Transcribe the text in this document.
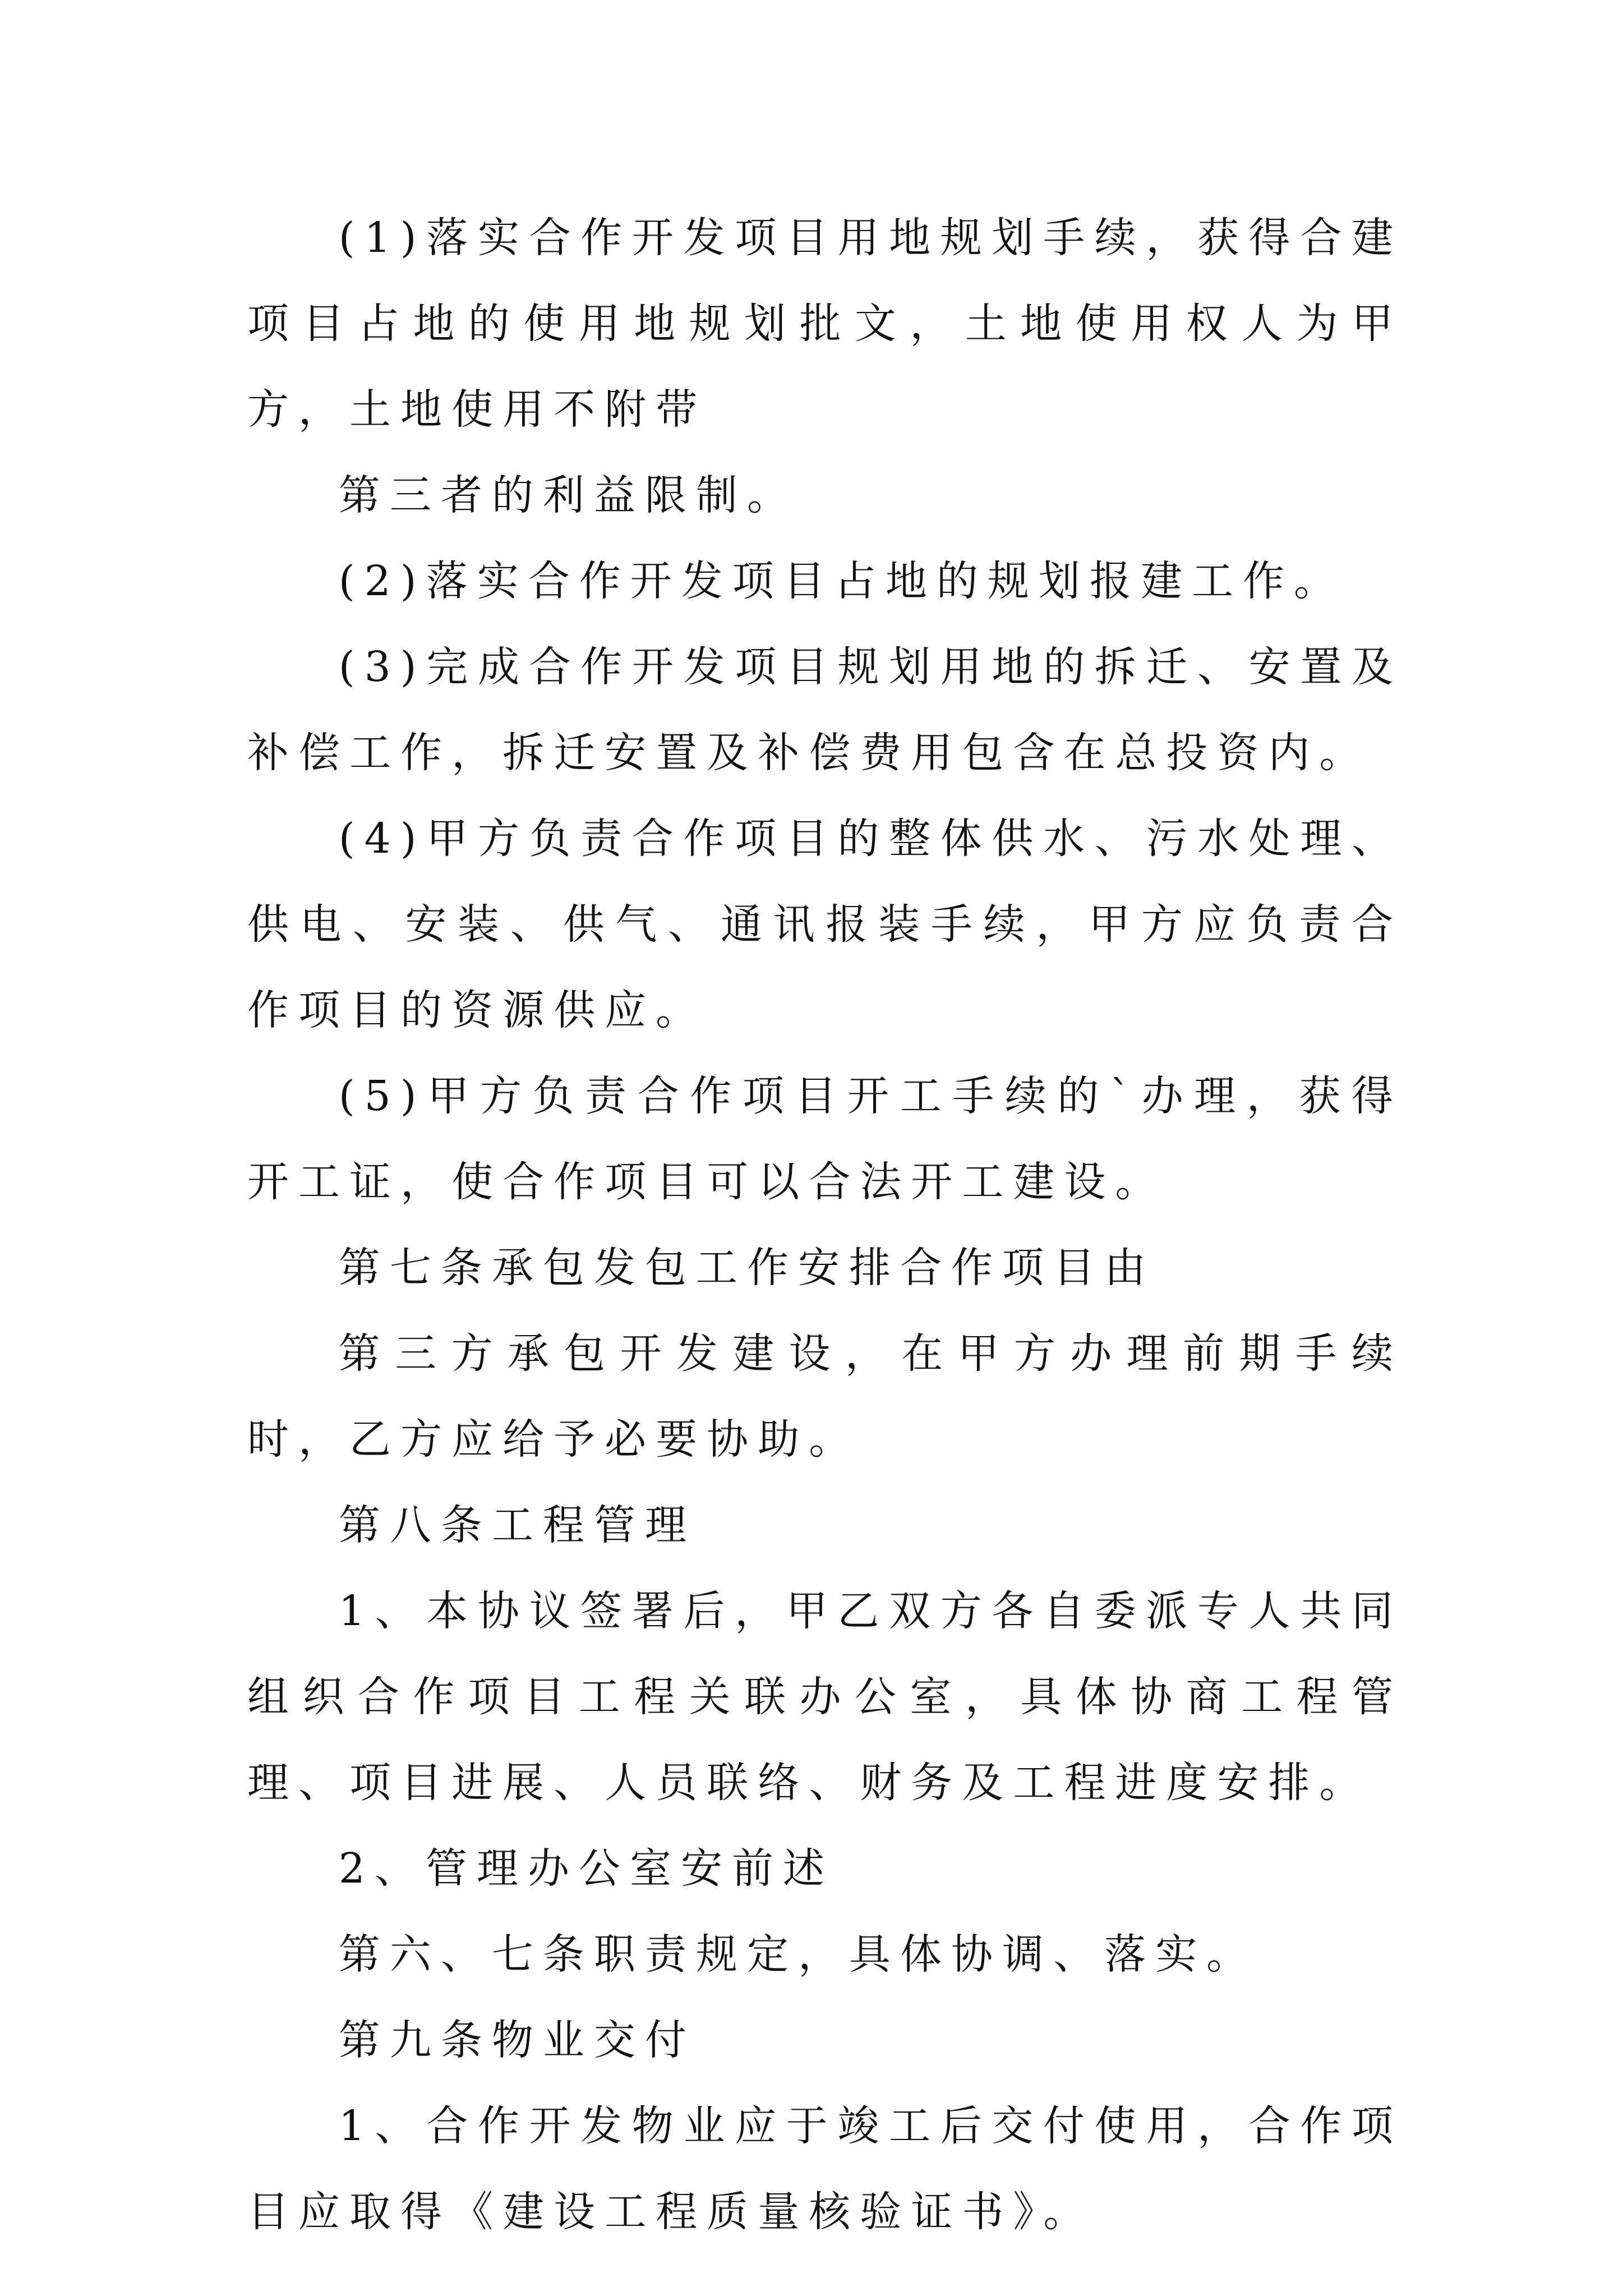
(1)落实合作开发项目用地规划手续，获得合建项目占地的使用地规划批文，土地使用权人为甲方，土地使用不附带

第三者的利益限制。

(2)落实合作开发项目占地的规划报建工作。

(3)完成合作开发项目规划用地的拆迁、安置及补偿工作，拆迁安置及补偿费用包含在总投资内。

(4)甲方负责合作项目的整体供水、污水处理、供电、安装、供气、通讯报装手续，甲方应负责合作项目的资源供应。

(5)甲方负责合作项目开工手续的`办理，获得开工证，使合作项目可以合法开工建设。

第七条承包发包工作安排合作项目由

第三方承包开发建设，在甲方办理前期手续时，乙方应给予必要协助。

第八条工程管理

1、本协议签署后，甲乙双方各自委派专人共同组织合作项目工程关联办公室，具体协商工程管理、项目进展、人员联络、财务及工程进度安排。

2、管理办公室安前述

第六、七条职责规定，具体协调、落实。

第九条物业交付

1、合作开发物业应于竣工后交付使用，合作项目应取得《建设工程质量核验证书》。
